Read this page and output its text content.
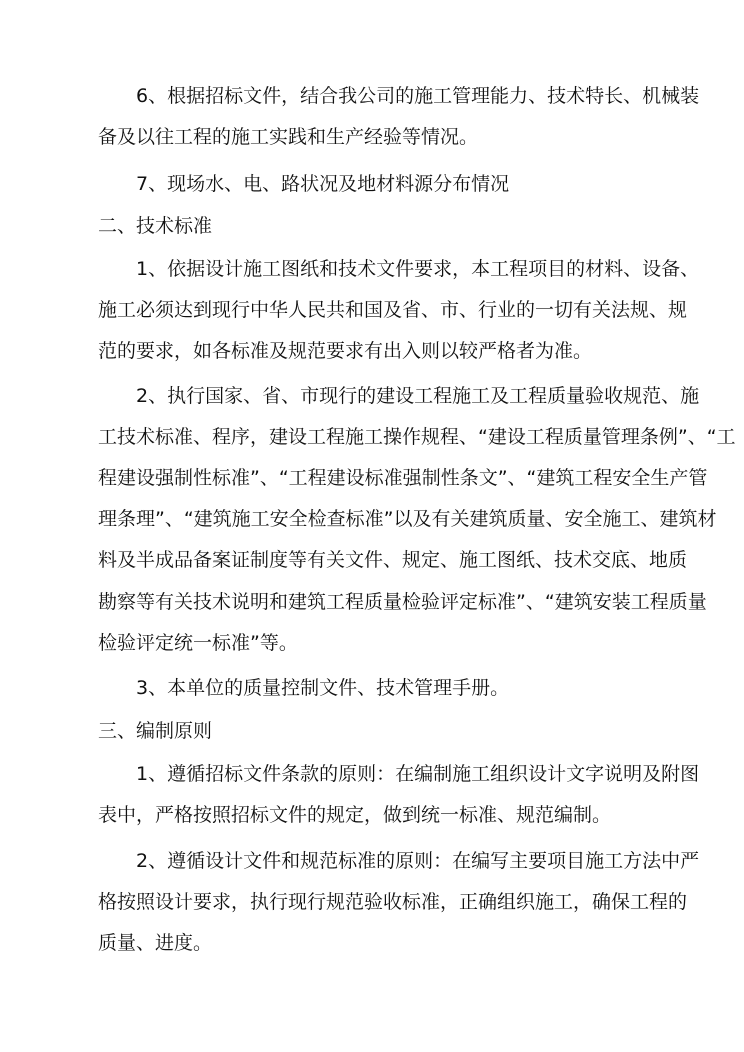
6、根据招标文件，结合我公司的施工管理能力、技术特长、机械装
备及以往工程的施工实践和生产经验等情况。
7、现场水、电、路状况及地材料源分布情况
二、技术标准
1、依据设计施工图纸和技术文件要求，本工程项目的材料、设备、
施工必须达到现行中华人民共和国及省、市、行业的一切有关法规、规
范的要求，如各标准及规范要求有出入则以较严格者为准。
2、执行国家、省、市现行的建设工程施工及工程质量验收规范、施
工技术标准、程序，建设工程施工操作规程、“建设工程质量管理条例”、“工
程建设强制性标准”、“工程建设标准强制性条文”、“建筑工程安全生产管
理条理”、“建筑施工安全检查标准”以及有关建筑质量、安全施工、建筑材
料及半成品备案证制度等有关文件、规定、施工图纸、技术交底、地质
勘察等有关技术说明和建筑工程质量检验评定标准”、“建筑安装工程质量
检验评定统一标准”等。
3、本单位的质量控制文件、技术管理手册。
三、编制原则
1、遵循招标文件条款的原则：在编制施工组织设计文字说明及附图
表中，严格按照招标文件的规定，做到统一标准、规范编制。
2、遵循设计文件和规范标准的原则：在编写主要项目施工方法中严
格按照设计要求，执行现行规范验收标准，正确组织施工，确保工程的
质量、进度。
